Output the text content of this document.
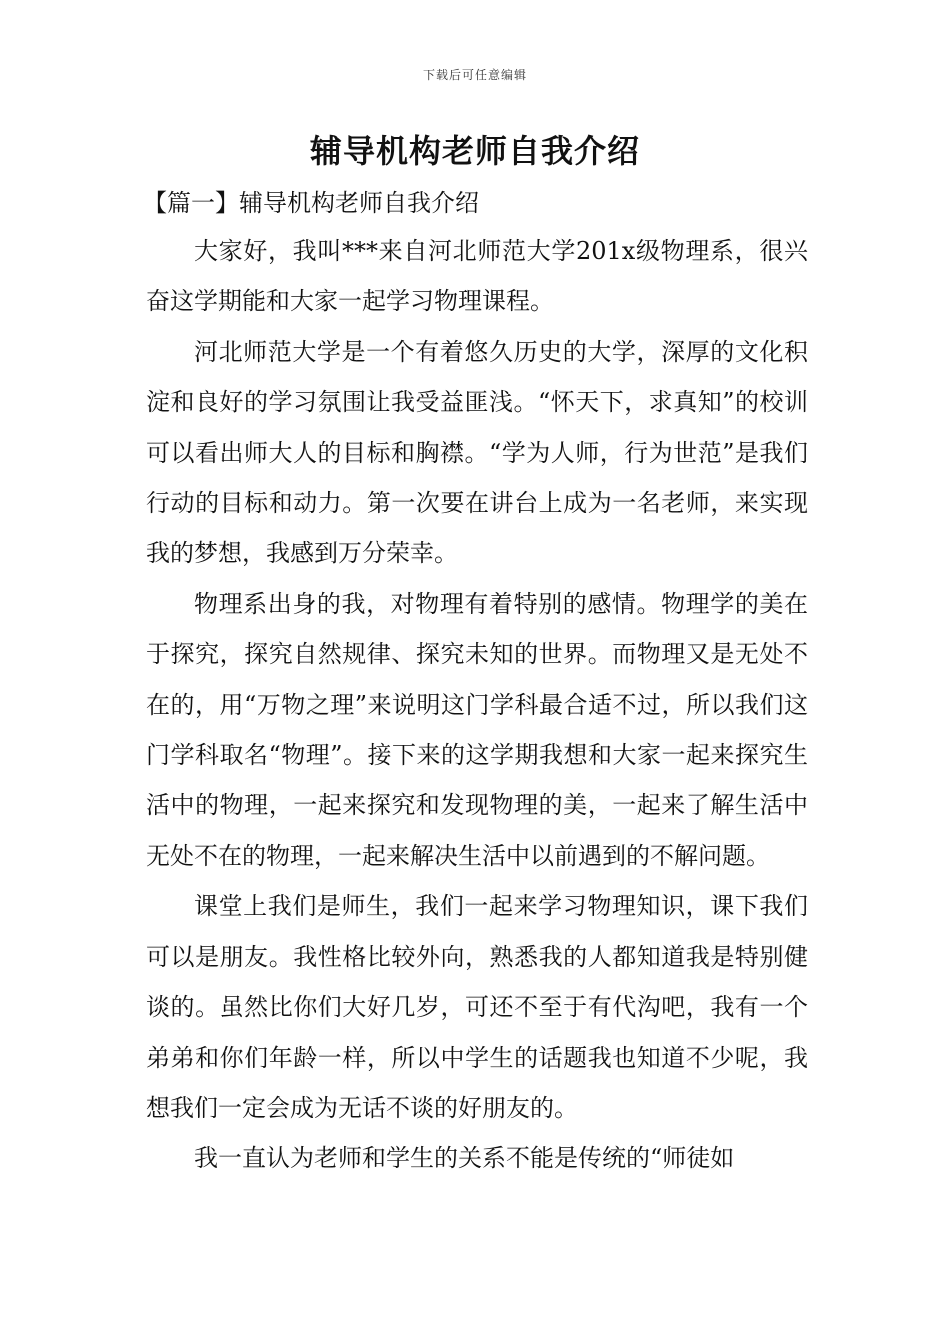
下载后可任意编辑
辅导机构老师自我介绍
【篇一】辅导机构老师自我介绍

大家好，我叫***来自河北师范大学201x级物理系，很兴奋这学期能和大家一起学习物理课程。

河北师范大学是一个有着悠久历史的大学，深厚的文化积淀和良好的学习氛围让我受益匪浅。“怀天下，求真知”的校训可以看出师大人的目标和胸襟。“学为人师，行为世范”是我们行动的目标和动力。第一次要在讲台上成为一名老师，来实现我的梦想，我感到万分荣幸。

物理系出身的我，对物理有着特别的感情。物理学的美在于探究，探究自然规律、探究未知的世界。而物理又是无处不在的，用“万物之理”来说明这门学科最合适不过，所以我们这门学科取名“物理”。接下来的这学期我想和大家一起来探究生活中的物理，一起来探究和发现物理的美，一起来了解生活中无处不在的物理，一起来解决生活中以前遇到的不解问题。

课堂上我们是师生，我们一起来学习物理知识，课下我们可以是朋友。我性格比较外向，熟悉我的人都知道我是特别健谈的。虽然比你们大好几岁，可还不至于有代沟吧，我有一个弟弟和你们年龄一样，所以中学生的话题我也知道不少呢，我想我们一定会成为无话不谈的好朋友的。

我一直认为老师和学生的关系不能是传统的“师徒如
